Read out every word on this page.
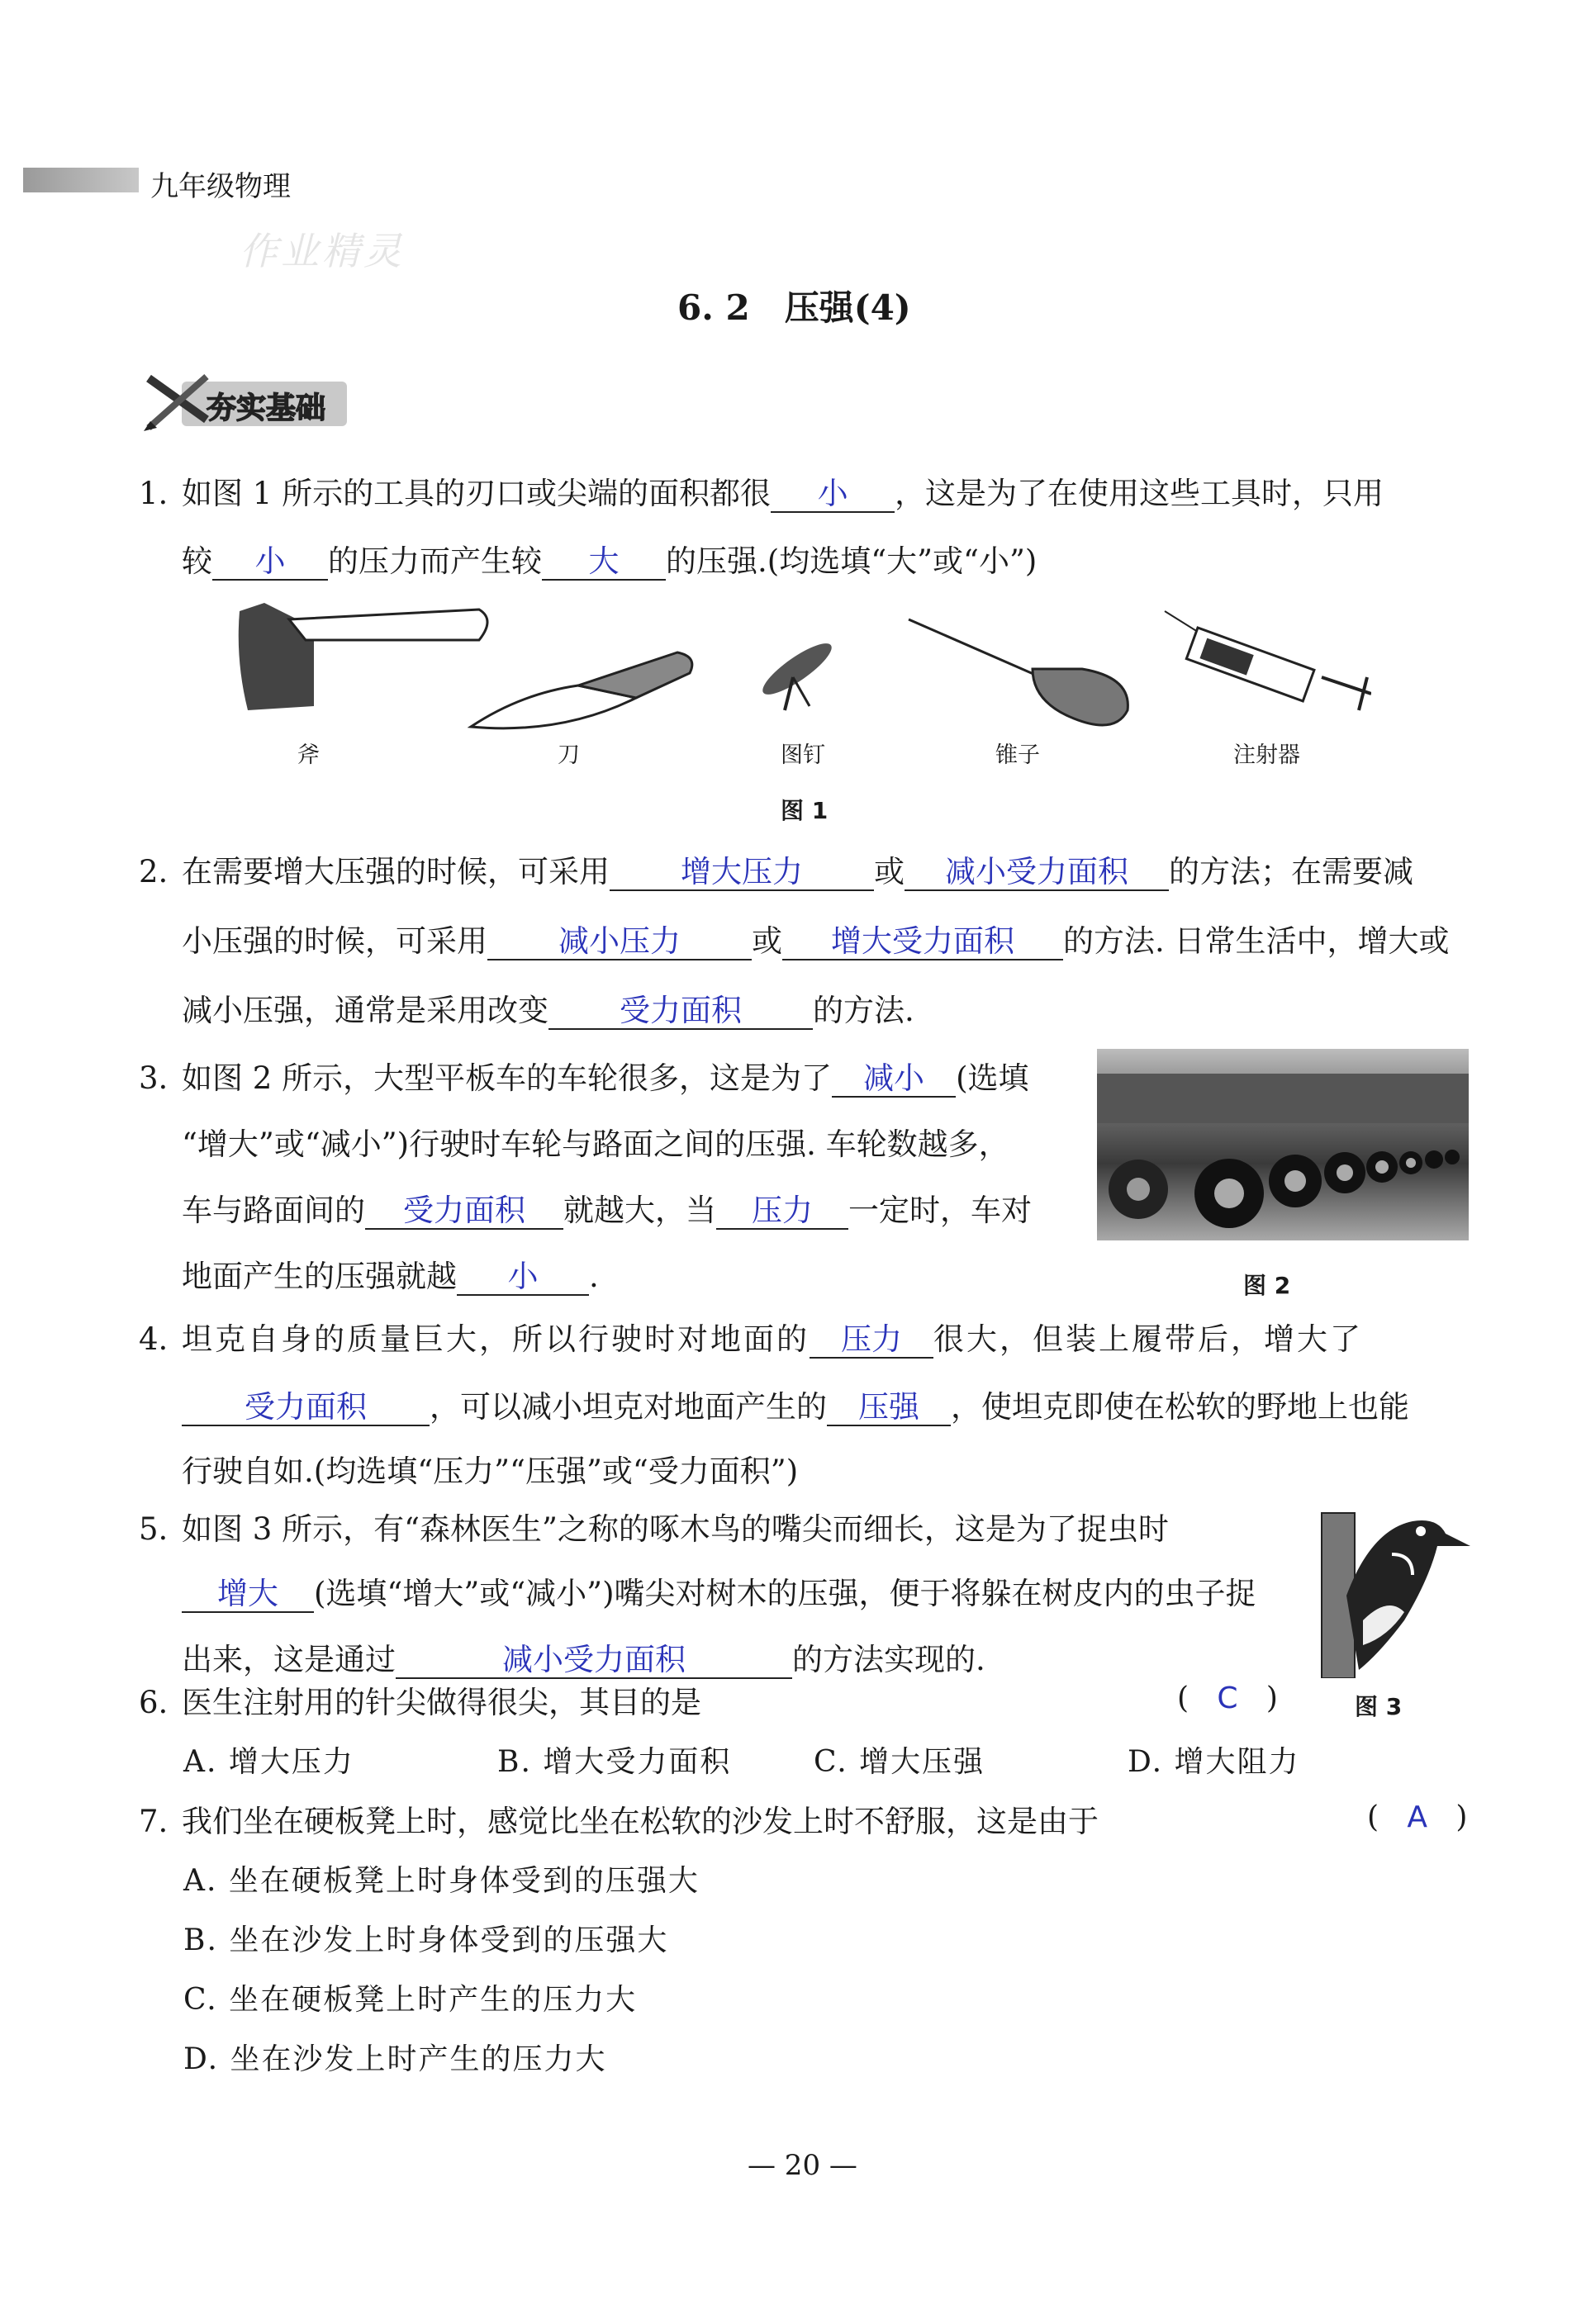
九年级物理
作业精灵
6. 2　压强(4)
夯实基础
1. 如图 1 所示的工具的刃口或尖端的面积都很 小 ，这是为了在使用这些工具时，只用
较 小 的压力而产生较 大 的压强.(均选填“大”或“小”)
斧	刀	图钉	锥子	注射器
图 1
2. 在需要增大压强的时候，可采用 增大压力 或 减小受力面积 的方法；在需要减
小压强的时候，可采用 减小压力 或 增大受力面积 的方法. 日常生活中，增大或
减小压强，通常是采用改变 受力面积 的方法.
3. 如图 2 所示，大型平板车的车轮很多，这是为了 减小 (选填
“增大”或“减小”)行驶时车轮与路面之间的压强. 车轮数越多，
车与路面间的 受力面积 就越大，当 压力 一定时，车对
地面产生的压强就越 小 .	图 2
4. 坦克自身的质量巨大，所以行驶时对地面的 压力 很大，但装上履带后，增大了
受力面积 ，可以减小坦克对地面产生的 压强 ，使坦克即使在松软的野地上也能
行驶自如.(均选填“压力”“压强”或“受力面积”)
5. 如图 3 所示，有“森林医生”之称的啄木鸟的嘴尖而细长，这是为了捉虫时
增大 (选填“增大”或“减小”)嘴尖对树木的压强，便于将躲在树皮内的虫子捉
出来，这是通过	减小受力面积	的方法实现的.
图 3
6. 医生注射用的针尖做得很尖，其目的是	(   C   )
A. 增大压力	B. 增大受力面积	C. 增大压强	D. 增大阻力
7. 我们坐在硬板凳上时，感觉比坐在松软的沙发上时不舒服，这是由于	(   A   )
A. 坐在硬板凳上时身体受到的压强大
B. 坐在沙发上时身体受到的压强大
C. 坐在硬板凳上时产生的压力大
D. 坐在沙发上时产生的压力大
— 20 —
